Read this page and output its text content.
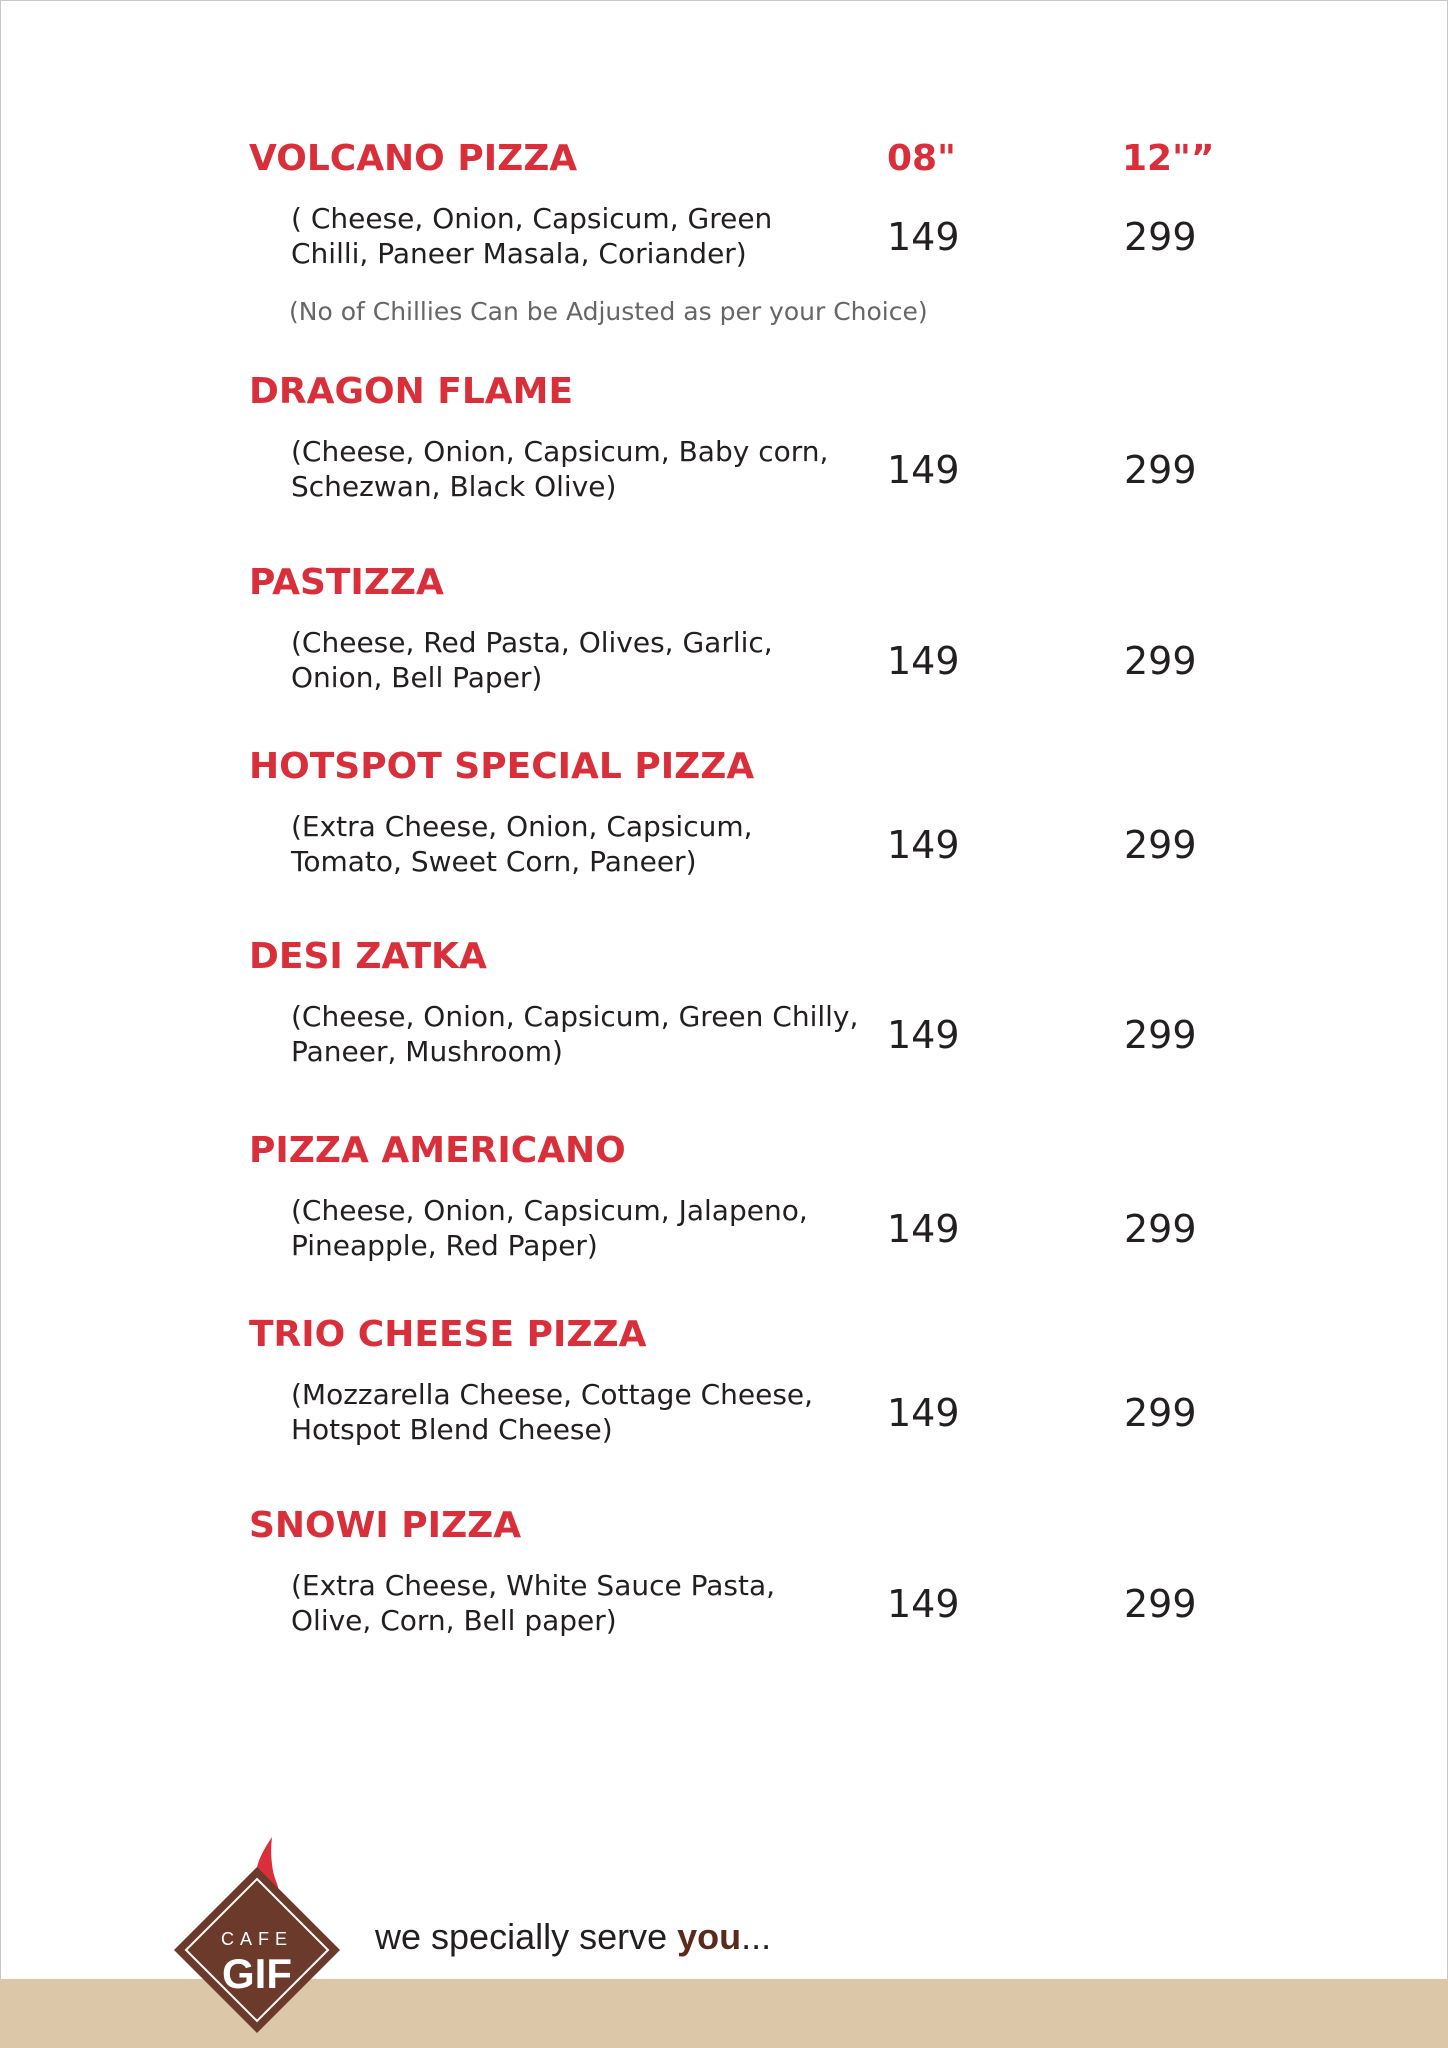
VOLCANO PIZZA	08"	12"”
( Cheese, Onion, Capsicum, Green
Chilli, Paneer Masala, Coriander)	149	299
(No of Chillies Can be Adjusted as per your Choice)
DRAGON FLAME
(Cheese, Onion, Capsicum, Baby corn,
Schezwan, Black Olive)	149	299
PASTIZZA
(Cheese, Red Pasta, Olives, Garlic,
Onion, Bell Paper)	149	299
HOTSPOT SPECIAL PIZZA
(Extra Cheese, Onion, Capsicum,
Tomato, Sweet Corn, Paneer)	149	299
DESI ZATKA
(Cheese, Onion, Capsicum, Green Chilly,
Paneer, Mushroom)	149	299
PIZZA AMERICANO
(Cheese, Onion, Capsicum, Jalapeno,
Pineapple, Red Paper)	149	299
TRIO CHEESE PIZZA
(Mozzarella Cheese, Cottage Cheese,
Hotspot Blend Cheese)	149	299
SNOWI PIZZA
(Extra Cheese, White Sauce Pasta,
Olive, Corn, Bell paper)	149	299
CAFE
GIF
we specially serve you...
